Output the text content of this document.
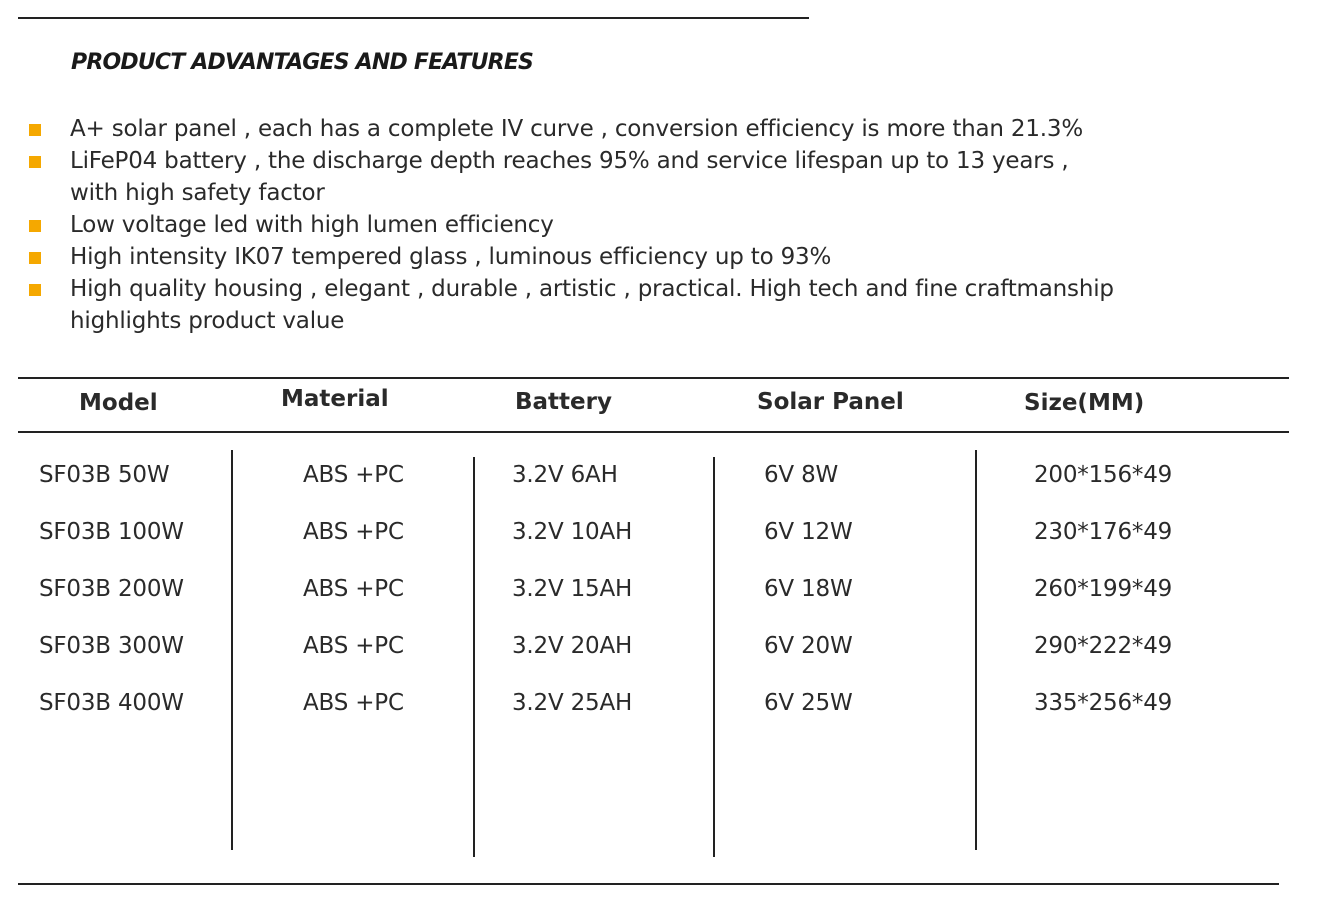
PRODUCT ADVANTAGES AND FEATURES
A+ solar panel , each has a complete IV curve , conversion efficiency is more than 21.3%
LiFeP04 battery , the discharge depth reaches 95% and service lifespan up to 13 years ,
with high safety factor
Low voltage led with high lumen efficiency
High intensity IK07 tempered glass , luminous efficiency up to 93%
High quality housing , elegant , durable , artistic , practical. High tech and fine craftmanship
highlights product value
Model	Material	Battery	Solar Panel	Size(MM)
SF03B 50W	ABS +PC	3.2V 6AH	6V 8W	200*156*49
SF03B 100W	ABS +PC	3.2V 10AH	6V 12W	230*176*49
SF03B 200W	ABS +PC	3.2V 15AH	6V 18W	260*199*49
SF03B 300W	ABS +PC	3.2V 20AH	6V 20W	290*222*49
SF03B 400W	ABS +PC	3.2V 25AH	6V 25W	335*256*49
